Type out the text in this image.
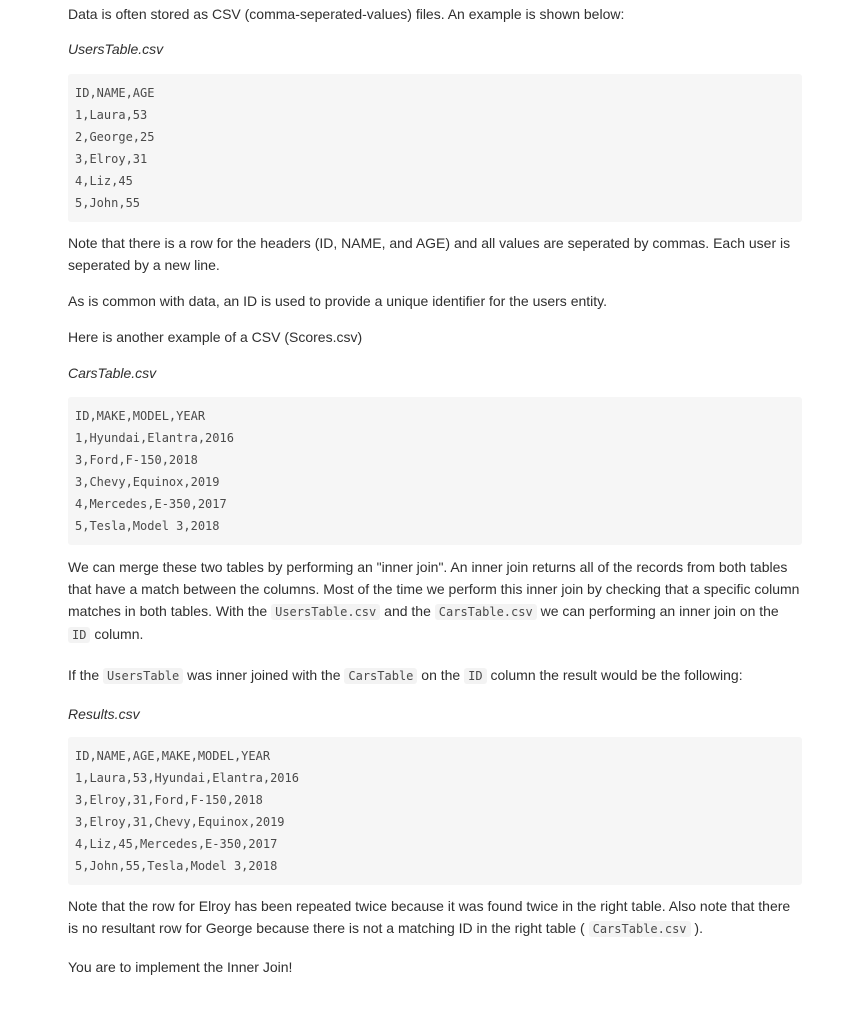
Data is often stored as CSV (comma-seperated-values) files. An example is shown below:

UsersTable.csv

ID,NAME,AGE
1,Laura,53
2,George,25
3,Elroy,31
4,Liz,45
5,John,55

Note that there is a row for the headers (ID, NAME, and AGE) and all values are seperated by commas. Each user is seperated by a new line.

As is common with data, an ID is used to provide a unique identifier for the users entity.

Here is another example of a CSV (Scores.csv)

CarsTable.csv

ID,MAKE,MODEL,YEAR
1,Hyundai,Elantra,2016
3,Ford,F-150,2018
3,Chevy,Equinox,2019
4,Mercedes,E-350,2017
5,Tesla,Model 3,2018

We can merge these two tables by performing an "inner join". An inner join returns all of the records from both tables that have a match between the columns. Most of the time we perform this inner join by checking that a specific column matches in both tables. With the UsersTable.csv and the CarsTable.csv we can performing an inner join on the ID column.

If the UsersTable was inner joined with the CarsTable on the ID column the result would be the following:

Results.csv

ID,NAME,AGE,MAKE,MODEL,YEAR
1,Laura,53,Hyundai,Elantra,2016
3,Elroy,31,Ford,F-150,2018
3,Elroy,31,Chevy,Equinox,2019
4,Liz,45,Mercedes,E-350,2017
5,John,55,Tesla,Model 3,2018

Note that the row for Elroy has been repeated twice because it was found twice in the right table. Also note that there is no resultant row for George because there is not a matching ID in the right table ( CarsTable.csv ).

You are to implement the Inner Join!
